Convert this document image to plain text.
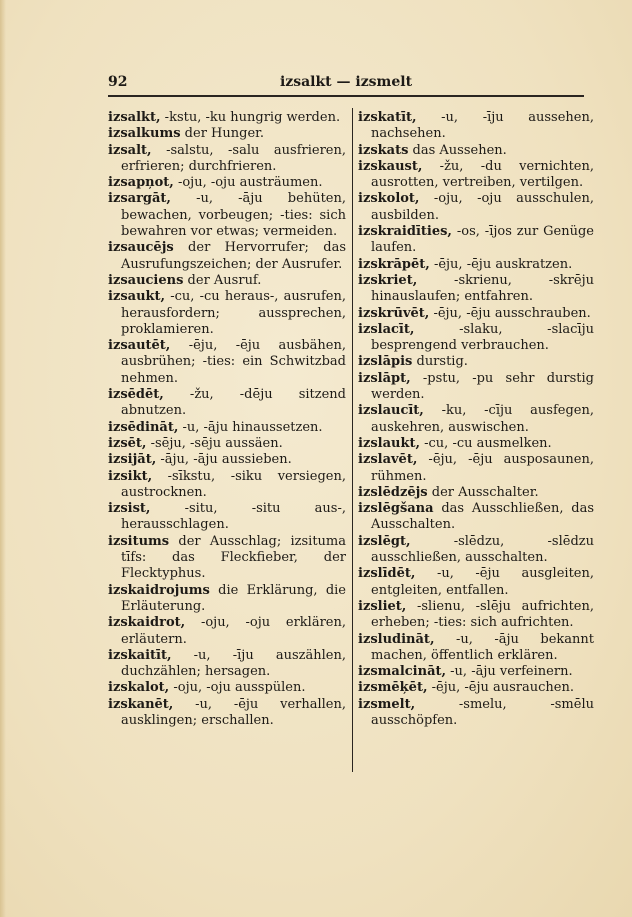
92	izsalkt — izsmelt

izsalkt, -kstu, -ku hungrig werden.

izsalkums der Hunger.

izsalt, -salstu, -salu ausfrieren, erfrieren; durchfrieren.

izsapņot, -oju, -oju austräumen.

izsargāt, -u, -āju behüten, bewachen, vorbeugen; -ties: sich bewahren vor etwas; vermeiden.

izsaucējs der Hervorrufer; das Ausrufungszeichen; der Ausrufer.

izsauciens der Ausruf.

izsaukt, -cu, -cu heraus-, ausrufen, herausfordern; aussprechen, proklamieren.

izsautēt, -ēju, -ēju ausbähen, ausbrühen; -ties: ein Schwitzbad nehmen.

izsēdēt, -žu, -dēju sitzend abnutzen.

izsēdināt, -u, -āju hinaussetzen.

izsēt, -sēju, -sēju aussäen.

izsijāt, -āju, -āju aussieben.

izsikt, -sīkstu, -siku versiegen, austrocknen.

izsist, -situ, -situ aus-, herausschlagen.

izsitums der Ausschlag; izsituma tīfs: das Fleckfieber, der Flecktyphus.

izskaidrojums die Erklärung, die Erläuterung.

izskaidrot, -oju, -oju erklären, erläutern.

izskaitīt, -u, -īju auszählen, duchzählen; hersagen.

izskalot, -oju, -oju ausspülen.

izskanēt, -u, -ēju verhallen, ausklingen; erschallen.

izskatīt, -u, -īju aussehen, nachsehen.

izskats das Aussehen.

izskaust, -žu, -du vernichten, ausrotten, vertreiben, vertilgen.

izskolot, -oju, -oju ausschulen, ausbilden.

izskraidīties, -os, -ījos zur Genüge laufen.

izskrāpēt, -ēju, -ēju auskratzen.

izskriet, -skrienu, -skrēju hinauslaufen; entfahren.

izskrūvēt, -ēju, -ēju ausschrauben.

izslacīt, -slaku, -slacīju besprengend verbrauchen.

izslāpis durstig.

izslāpt, -pstu, -pu sehr durstig werden.

izslaucīt, -ku, -cīju ausfegen, auskehren, auswischen.

izslaukt, -cu, -cu ausmelken.

izslavēt, -ēju, -ēju ausposaunen, rühmen.

izslēdzējs der Ausschalter.

izslēgšana das Ausschließen, das Ausschalten.

izslēgt, -slēdzu, -slēdzu ausschließen, ausschalten.

izslīdēt, -u, -ēju ausgleiten, entgleiten, entfallen.

izsliet, -slienu, -slēju aufrichten, erheben; -ties: sich aufrichten.

izsludināt, -u, -āju bekannt machen, öffentlich erklären.

izsmalcināt, -u, -āju verfeinern.

izsmēķēt, -ēju, -ēju ausrauchen.

izsmelt, -smelu, -smēlu ausschöpfen.
